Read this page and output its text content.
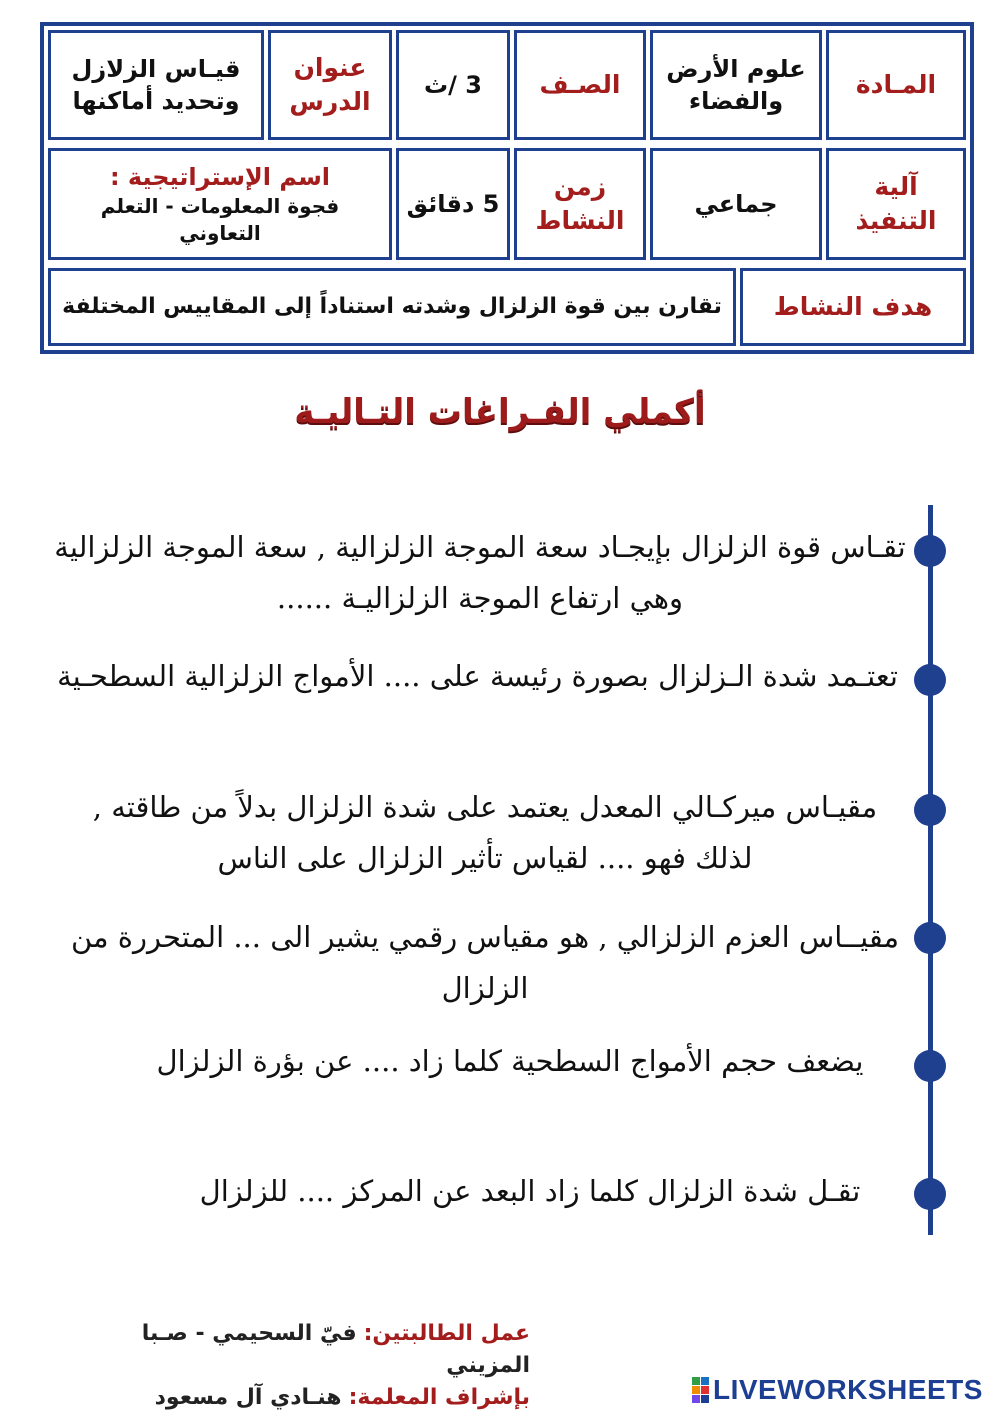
المـادة
علوم الأرض والفضاء
الصـف
3 /ث
عنوان الدرس
قيـاس الزلازل وتحديد أماكنها
آلية التنفيذ
جماعي
زمن النشاط
5 دقائق
اسم الإستراتيجية :
فجوة المعلومات - التعلم التعاوني
هدف النشاط
تقارن بين قوة الزلزال وشدته استناداً إلى المقاييس المختلفة
أكملي الفـراغات التـاليـة
تقـاس قوة الزلزال بإيجـاد سعة الموجة الزلزالية , سعة الموجة الزلزالية
وهي ارتفاع الموجة الزلزاليـة ......
تعتـمد شدة الـزلزال بصورة رئيسة على .... الأمواج الزلزالية السطحـية
مقيـاس ميركـالي المعدل يعتمد على شدة الزلزال بدلاً من طاقته ,
لذلك فهو .... لقياس تأثير الزلزال على الناس
مقيــاس العزم الزلزالي , هو مقياس رقمي يشير الى ... المتحررة من
الزلزال
يضعف حجم الأمواج السطحية كلما زاد .... عن بؤرة الزلزال
تقـل شدة الزلزال كلما زاد البعد عن المركز .... للزلزال
عمل الطالبتين: فيّ السحيمي - صـبا المزيني
بإشراف المعلمة: هنـادي آل مسعود	LIVEWORKSHEETS
